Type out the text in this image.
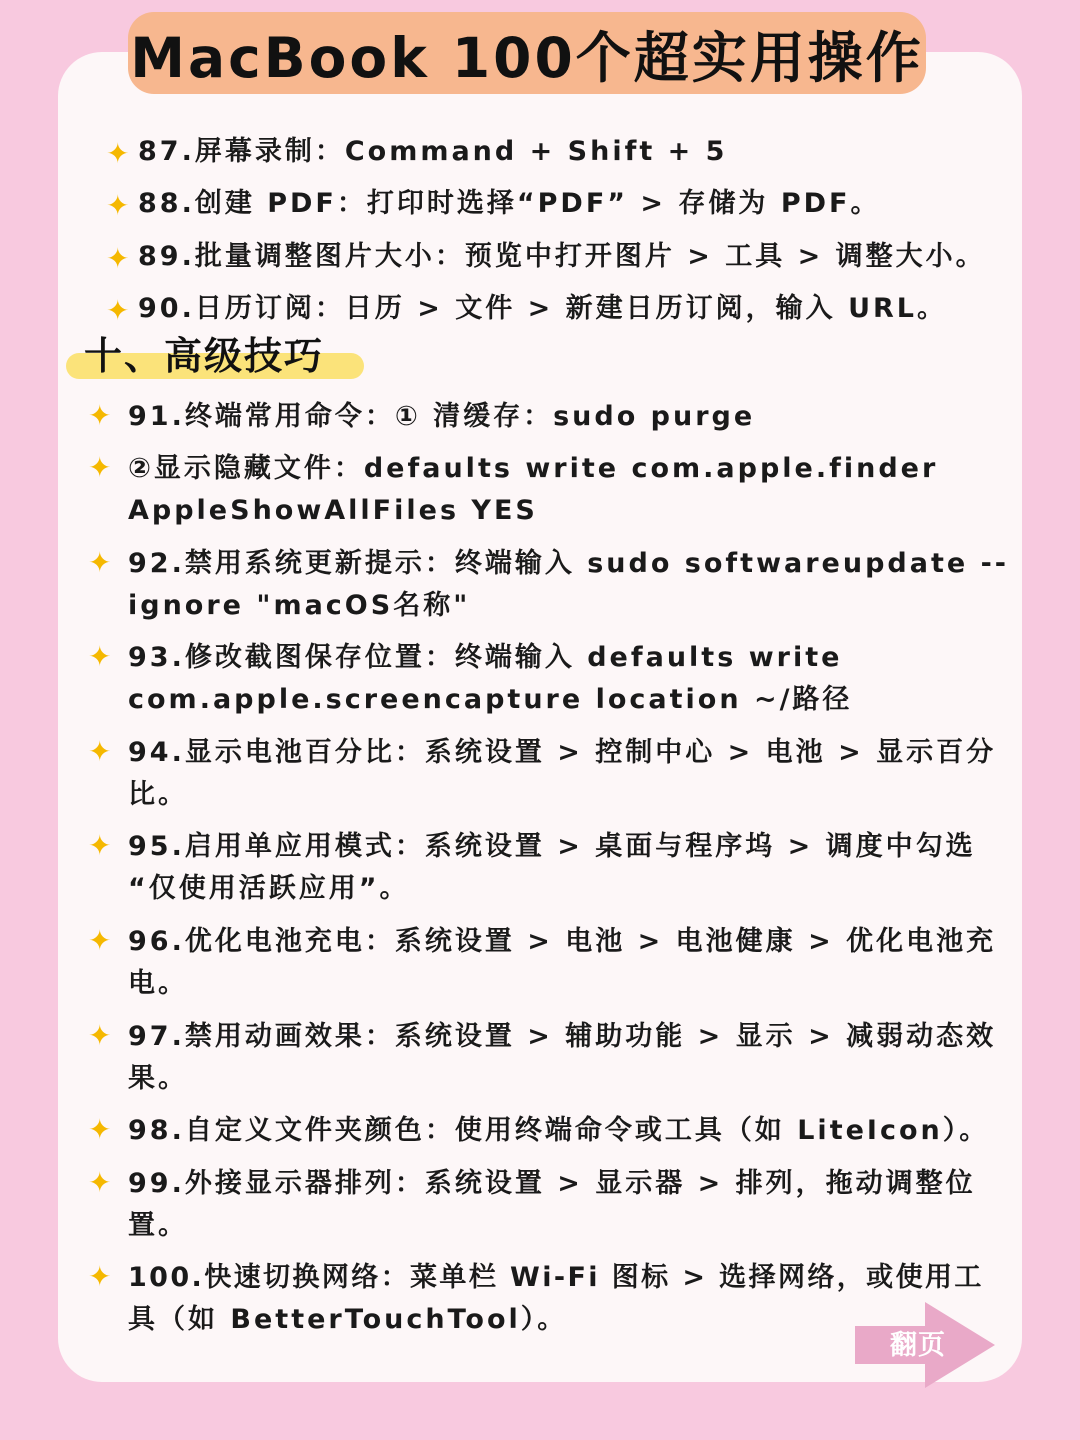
MacBook 100个超实用操作
✦ 87.屏幕录制：Command + Shift + 5
✦ 88.创建 PDF：打印时选择“PDF” > 存储为 PDF。
✦ 89.批量调整图片大小：预览中打开图片 > 工具 > 调整大小。
✦ 90.日历订阅：日历 > 文件 > 新建日历订阅，输入 URL。
十、高级技巧
✦ 91.终端常用命令：① 清缓存：sudo purge
✦ ②显示隐藏文件：defaults write com.apple.finder
AppleShowAllFiles YES
✦ 92.禁用系统更新提示：终端输入 sudo softwareupdate --
ignore "macOS名称"
✦ 93.修改截图保存位置：终端输入 defaults write
com.apple.screencapture location ~/路径
✦ 94.显示电池百分比：系统设置 > 控制中心 > 电池 > 显示百分
比。
✦ 95.启用单应用模式：系统设置 > 桌面与程序坞 > 调度中勾选
“仅使用活跃应用”。
✦ 96.优化电池充电：系统设置 > 电池 > 电池健康 > 优化电池充
电。
✦ 97.禁用动画效果：系统设置 > 辅助功能 > 显示 > 减弱动态效
果。
✦ 98.自定义文件夹颜色：使用终端命令或工具（如 LiteIcon）。
✦ 99.外接显示器排列：系统设置 > 显示器 > 排列，拖动调整位
置。
✦ 100.快速切换网络：菜单栏 Wi-Fi 图标 > 选择网络，或使用工
具（如 BetterTouchTool）。
翻页
